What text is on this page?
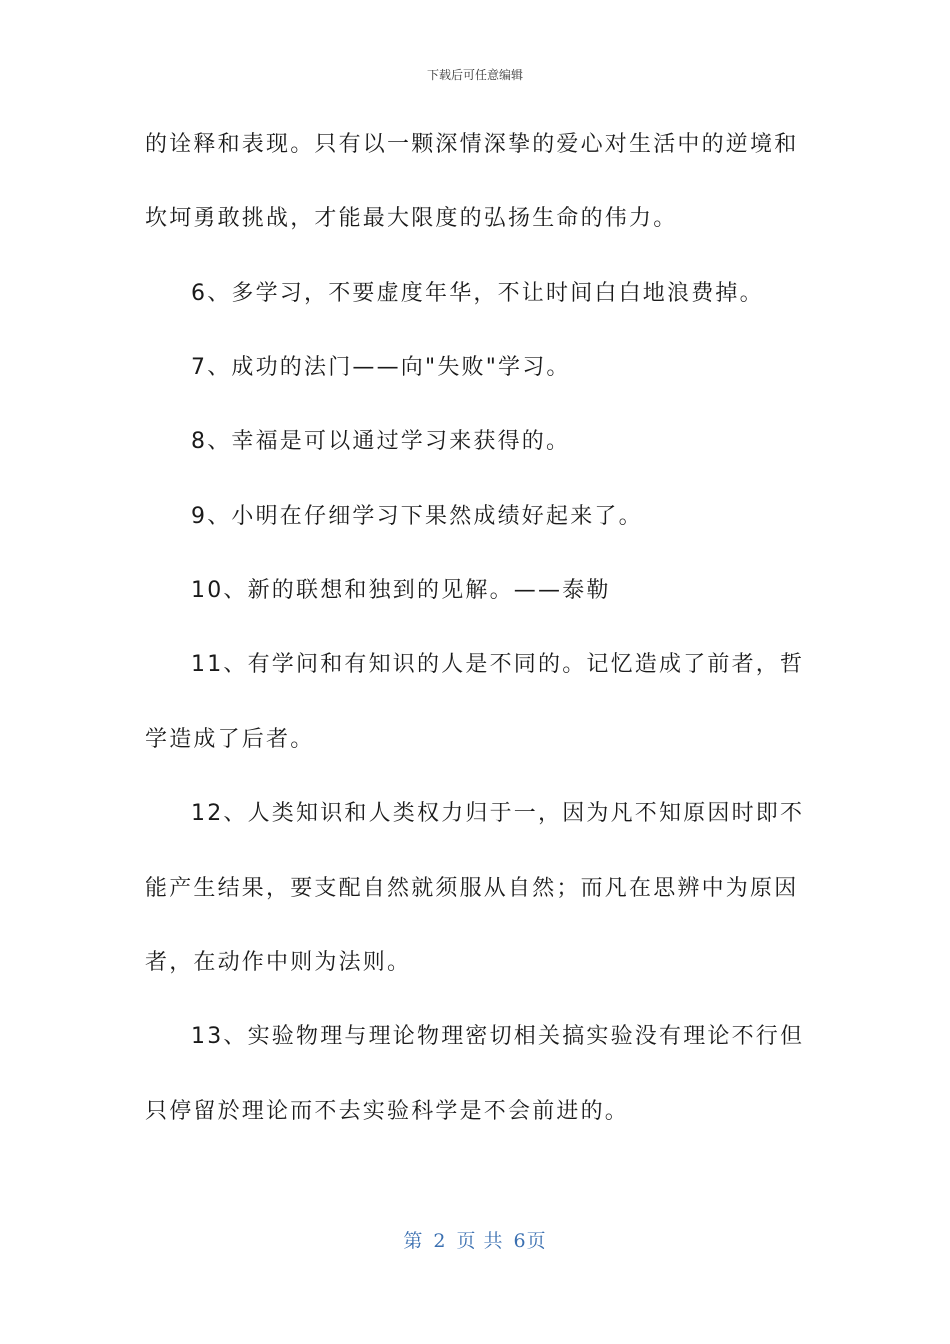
下载后可任意编辑
的诠释和表现。只有以一颗深情深挚的爱心对生活中的逆境和
坎坷勇敢挑战，才能最大限度的弘扬生命的伟力。
6、多学习，不要虚度年华，不让时间白白地浪费掉。
7、成功的法门——向"失败"学习。
8、幸福是可以通过学习来获得的。
9、小明在仔细学习下果然成绩好起来了。
10、新的联想和独到的见解。——泰勒
11、有学问和有知识的人是不同的。记忆造成了前者，哲
学造成了后者。
12、人类知识和人类权力归于一，因为凡不知原因时即不
能产生结果，要支配自然就须服从自然；而凡在思辨中为原因
者，在动作中则为法则。
13、实验物理与理论物理密切相关搞实验没有理论不行但
只停留於理论而不去实验科学是不会前进的。
第 2 页 共 6页
